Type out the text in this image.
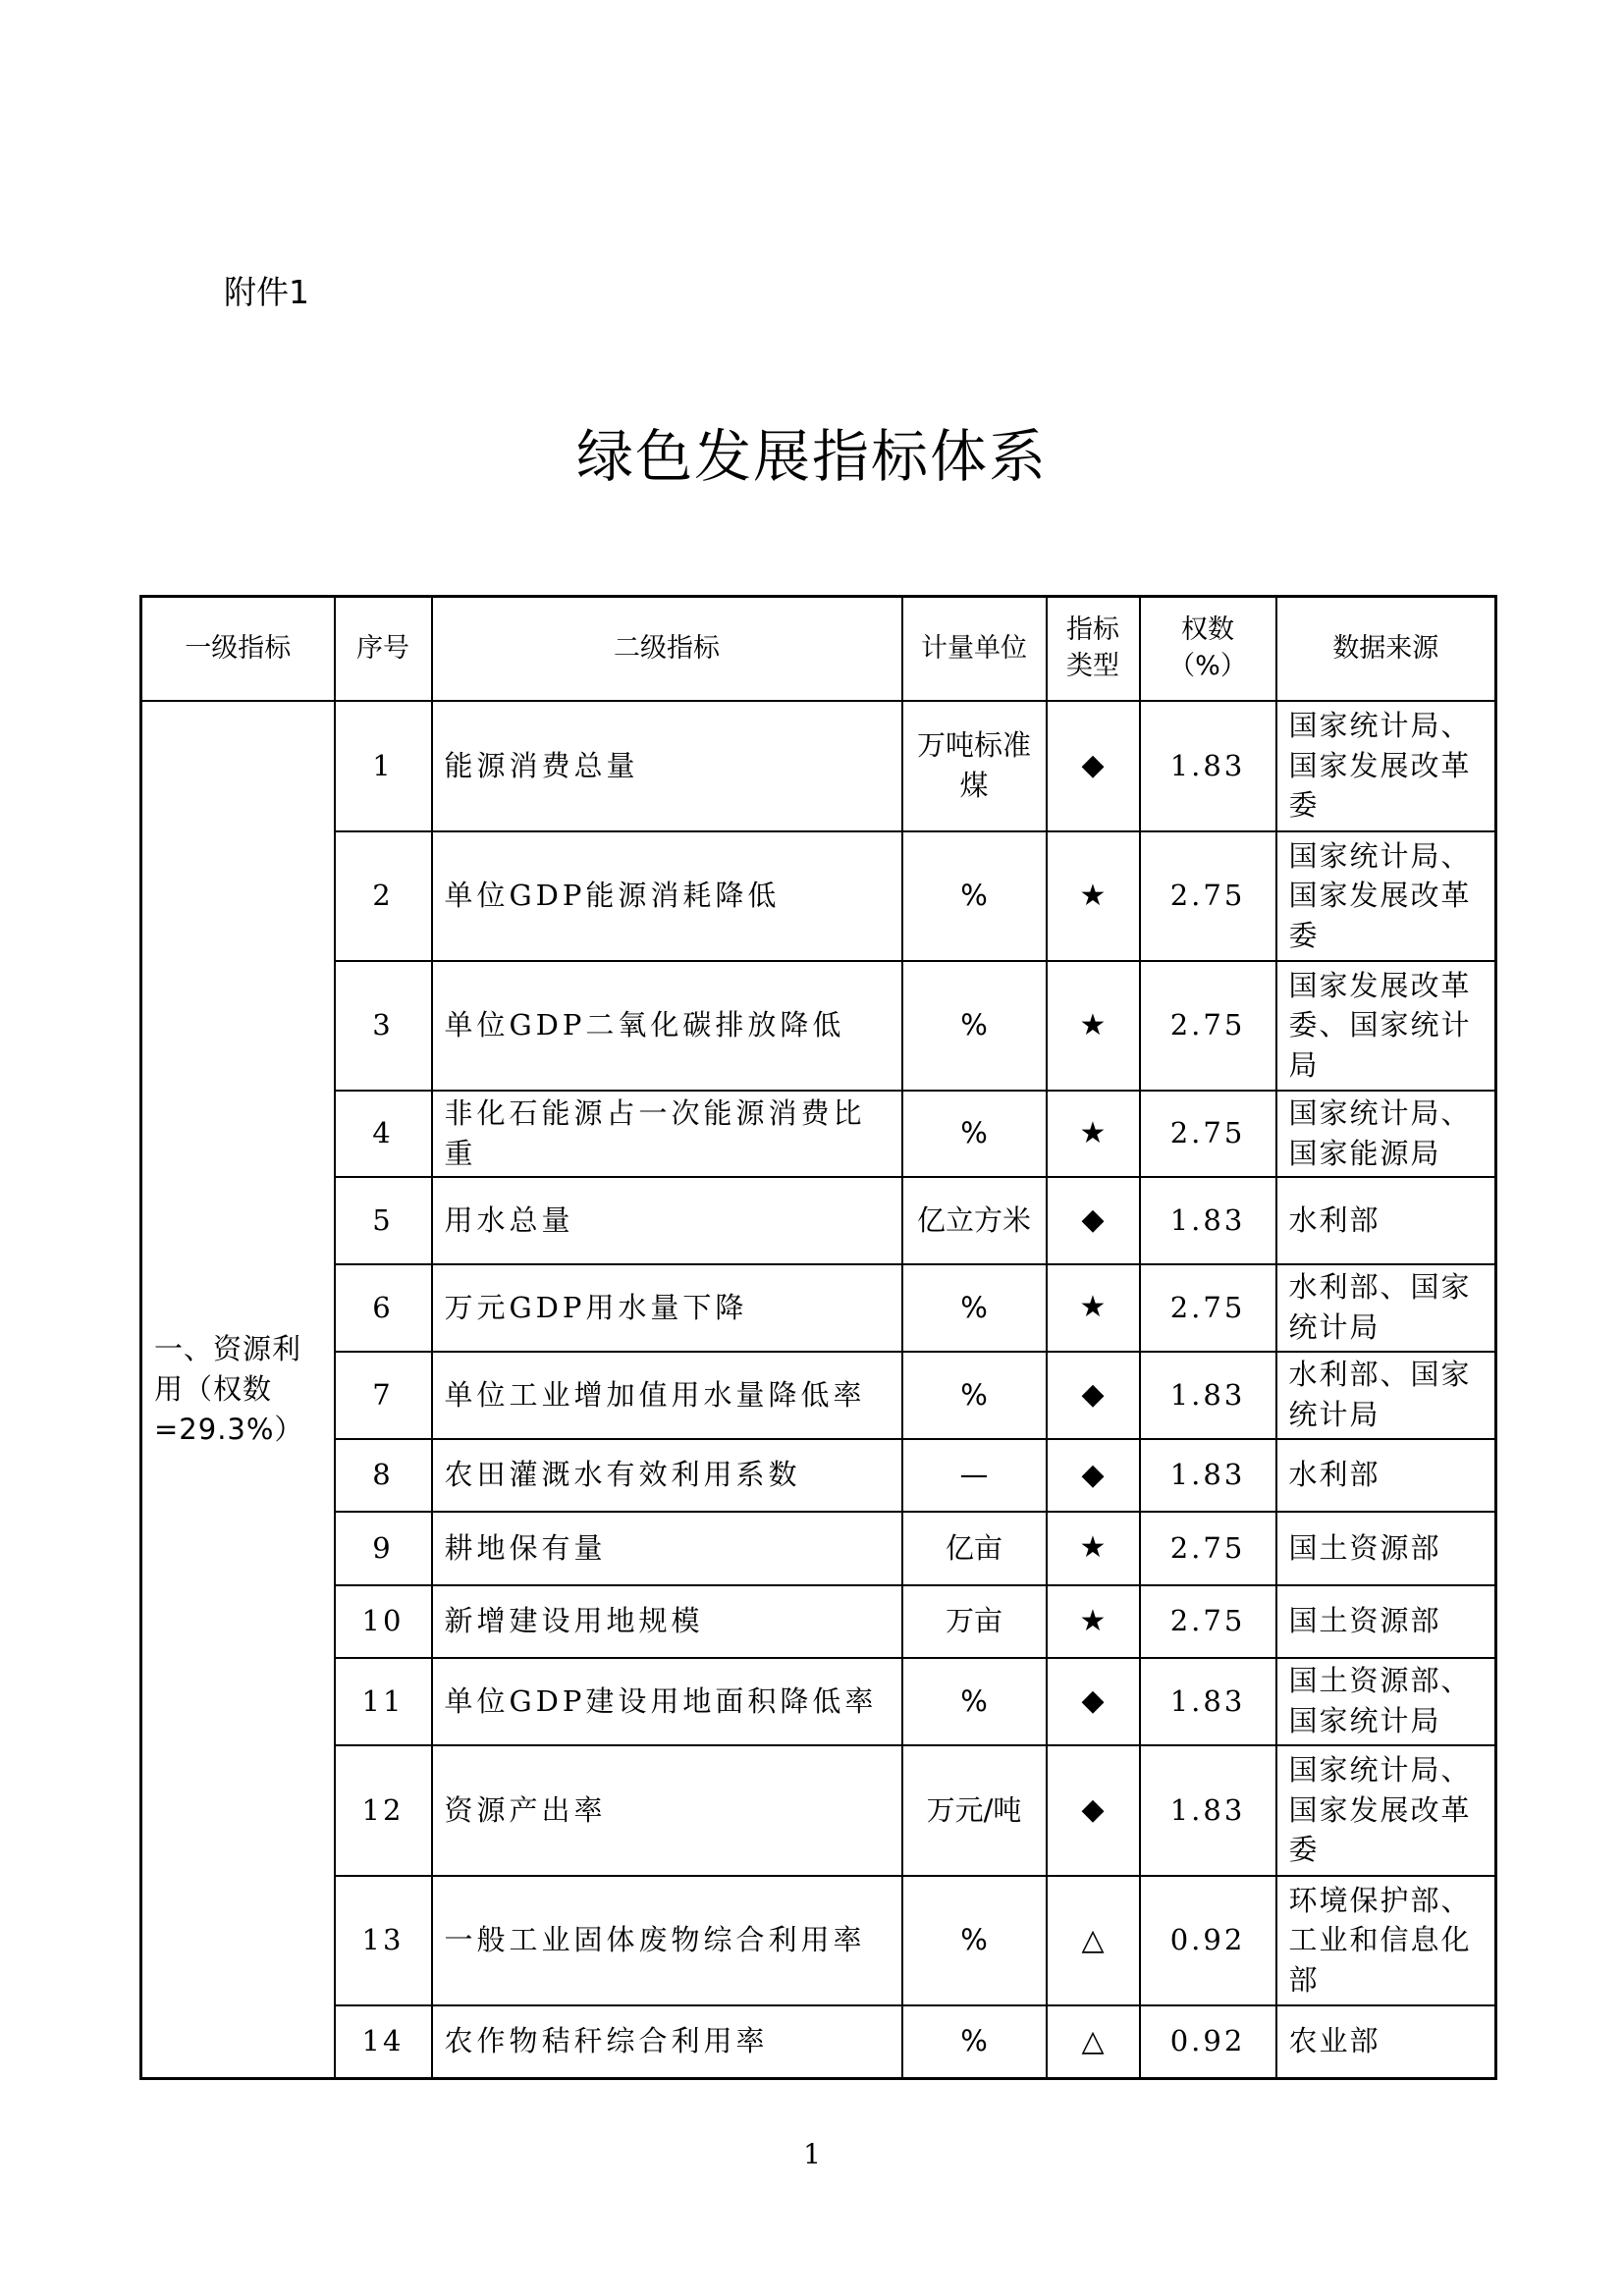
附件1
绿色发展指标体系
一级指标	序号	二级指标	计量单位	指标类型	权数（%）	数据来源
一、资源利用（权数=29.3%）	1	能源消费总量	万吨标准煤	◆	1.83	国家统计局、国家发展改革委
	2	单位GDP能源消耗降低	%	★	2.75	国家统计局、国家发展改革委
	3	单位GDP二氧化碳排放降低	%	★	2.75	国家发展改革委、国家统计局
	4	非化石能源占一次能源消费比重	%	★	2.75	国家统计局、国家能源局
	5	用水总量	亿立方米	◆	1.83	水利部
	6	万元GDP用水量下降	%	★	2.75	水利部、国家统计局
	7	单位工业增加值用水量降低率	%	◆	1.83	水利部、国家统计局
	8	农田灌溉水有效利用系数	—	◆	1.83	水利部
	9	耕地保有量	亿亩	★	2.75	国土资源部
	10	新增建设用地规模	万亩	★	2.75	国土资源部
	11	单位GDP建设用地面积降低率	%	◆	1.83	国土资源部、国家统计局
	12	资源产出率	万元/吨	◆	1.83	国家统计局、国家发展改革委
	13	一般工业固体废物综合利用率	%	△	0.92	环境保护部、工业和信息化部
	14	农作物秸秆综合利用率	%	△	0.92	农业部
1
